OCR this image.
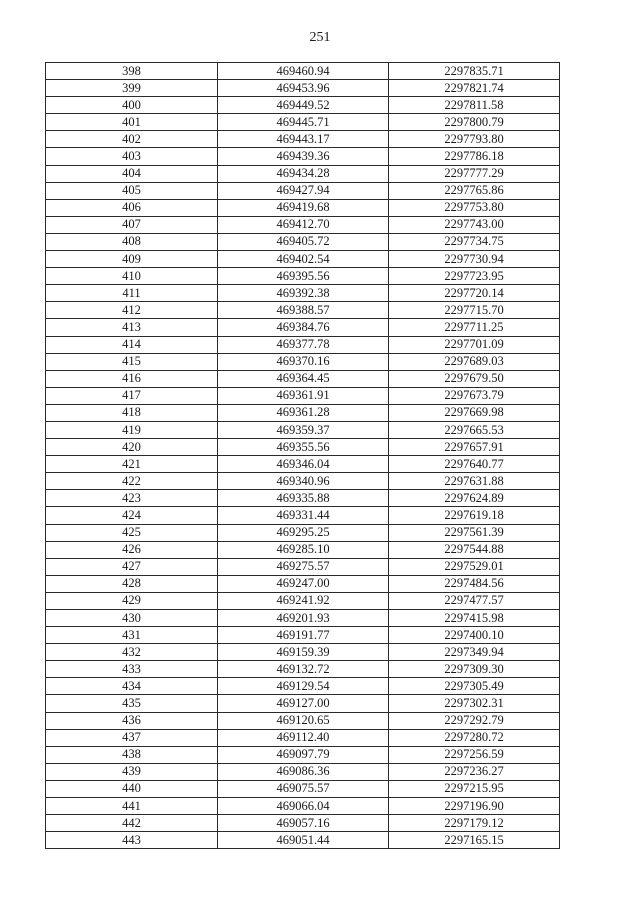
251
398	469460.94	2297835.71
399	469453.96	2297821.74
400	469449.52	2297811.58
401	469445.71	2297800.79
402	469443.17	2297793.80
403	469439.36	2297786.18
404	469434.28	2297777.29
405	469427.94	2297765.86
406	469419.68	2297753.80
407	469412.70	2297743.00
408	469405.72	2297734.75
409	469402.54	2297730.94
410	469395.56	2297723.95
411	469392.38	2297720.14
412	469388.57	2297715.70
413	469384.76	2297711.25
414	469377.78	2297701.09
415	469370.16	2297689.03
416	469364.45	2297679.50
417	469361.91	2297673.79
418	469361.28	2297669.98
419	469359.37	2297665.53
420	469355.56	2297657.91
421	469346.04	2297640.77
422	469340.96	2297631.88
423	469335.88	2297624.89
424	469331.44	2297619.18
425	469295.25	2297561.39
426	469285.10	2297544.88
427	469275.57	2297529.01
428	469247.00	2297484.56
429	469241.92	2297477.57
430	469201.93	2297415.98
431	469191.77	2297400.10
432	469159.39	2297349.94
433	469132.72	2297309.30
434	469129.54	2297305.49
435	469127.00	2297302.31
436	469120.65	2297292.79
437	469112.40	2297280.72
438	469097.79	2297256.59
439	469086.36	2297236.27
440	469075.57	2297215.95
441	469066.04	2297196.90
442	469057.16	2297179.12
443	469051.44	2297165.15
